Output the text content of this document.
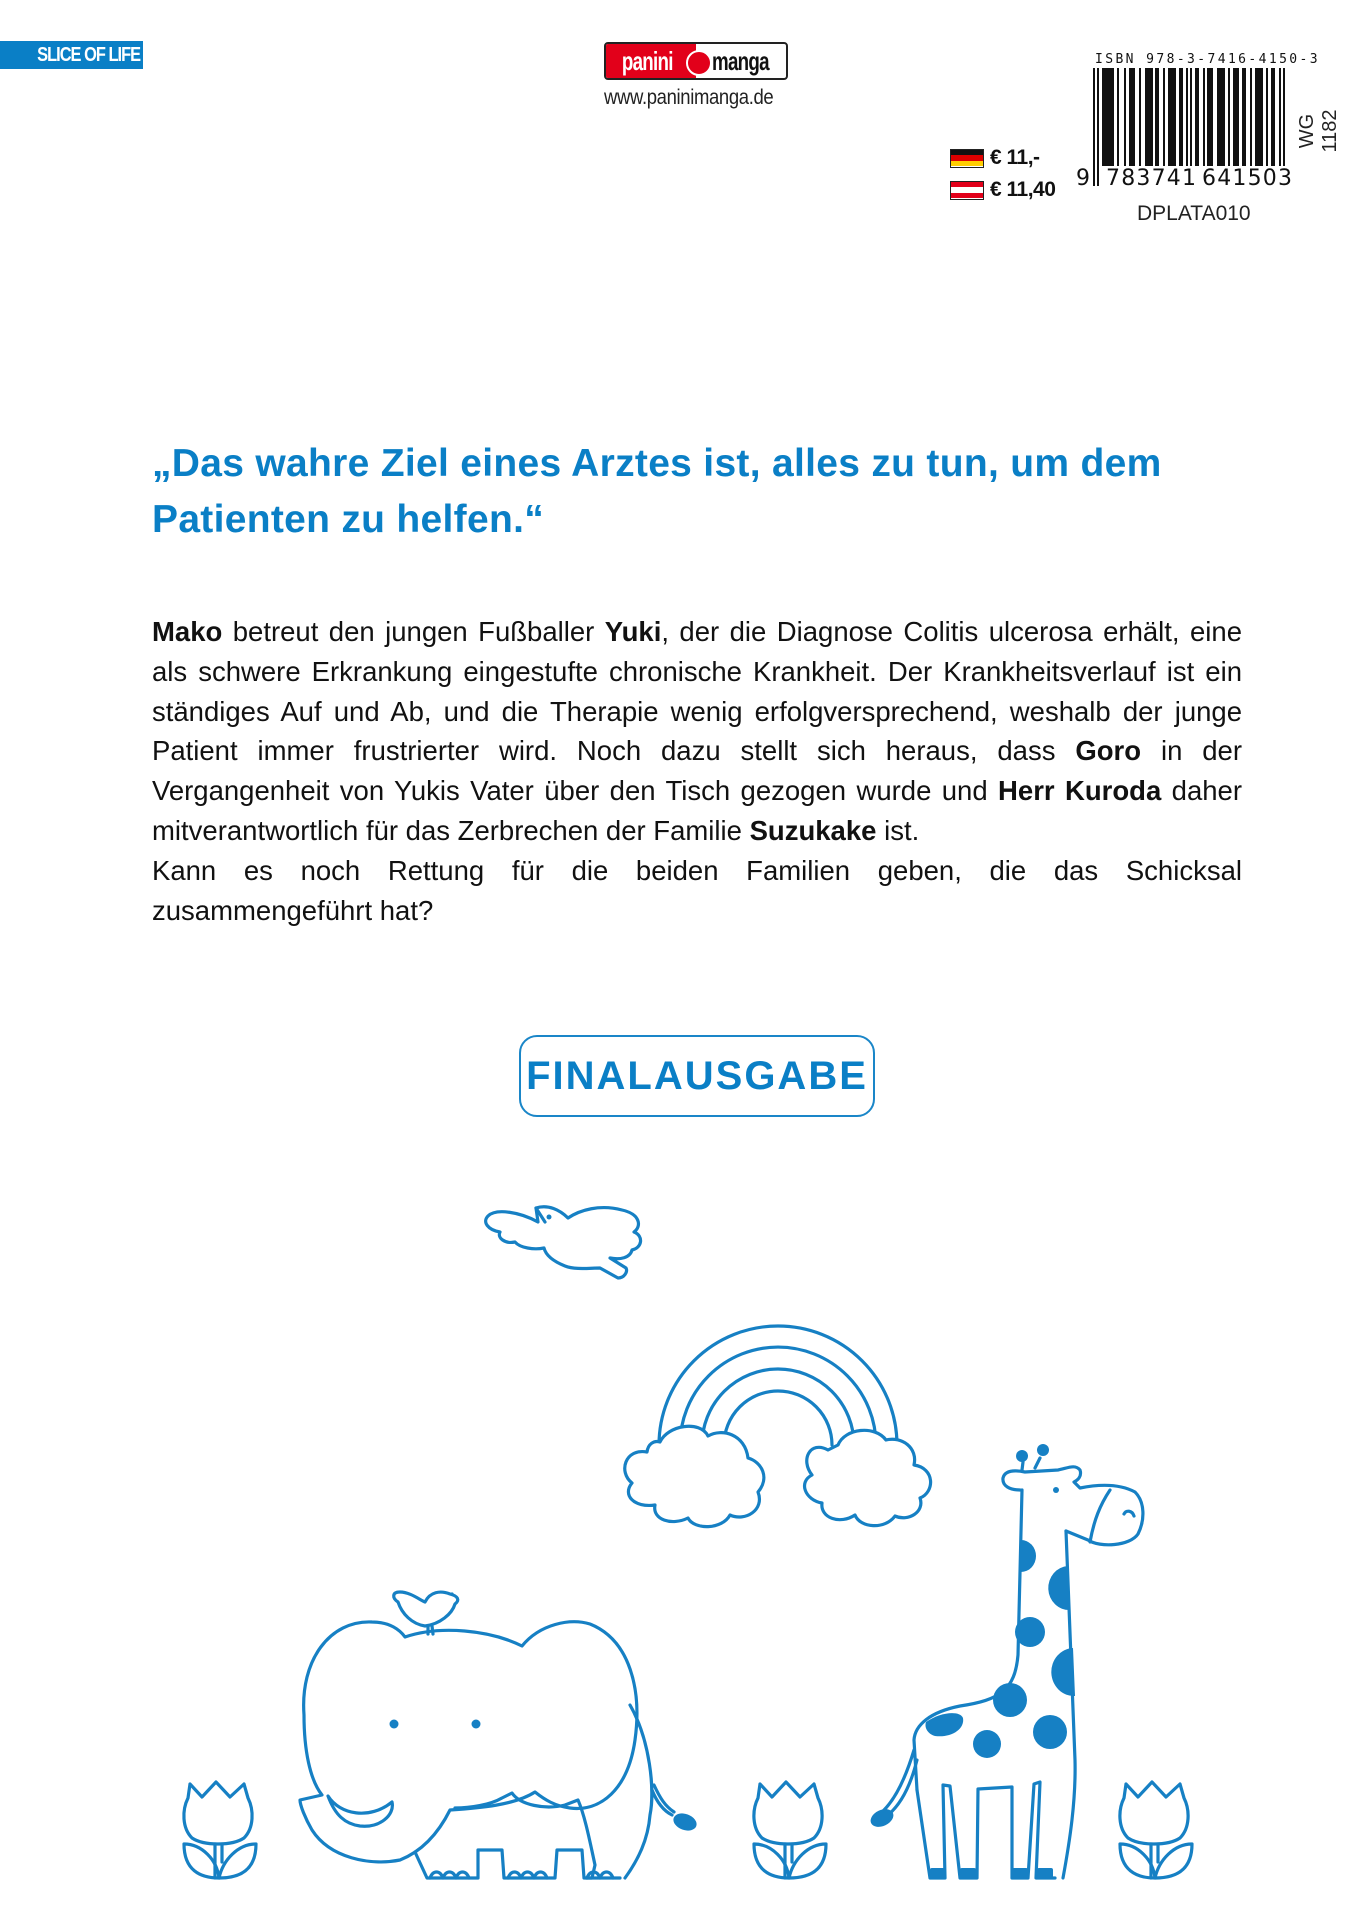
SLICE OF LIFE	panini manga
www.paninimanga.de
€ 11,-
€ 11,40
ISBN 978-3-7416-4150-3
9 783741 641503
DPLATA010
WG 1182
„Das wahre Ziel eines Arztes ist, alles zu tun, um dem Patienten zu helfen.“

Mako betreut den jungen Fußballer Yuki, der die Diagnose Colitis ulcerosa erhält, eine als schwere Erkrankung eingestufte chronische Krankheit. Der Krankheitsverlauf ist ein ständiges Auf und Ab, und die Therapie wenig erfolgversprechend, weshalb der junge Patient immer frustrierter wird. Noch dazu stellt sich heraus, dass Goro in der Vergangenheit von Yukis Vater über den Tisch gezogen wurde und Herr Kuroda daher mitverantwortlich für das Zerbrechen der Familie Suzukake ist.

Kann es noch Rettung für die beiden Familien geben, die das Schicksal zusammengeführt hat?

FINALAUSGABE
